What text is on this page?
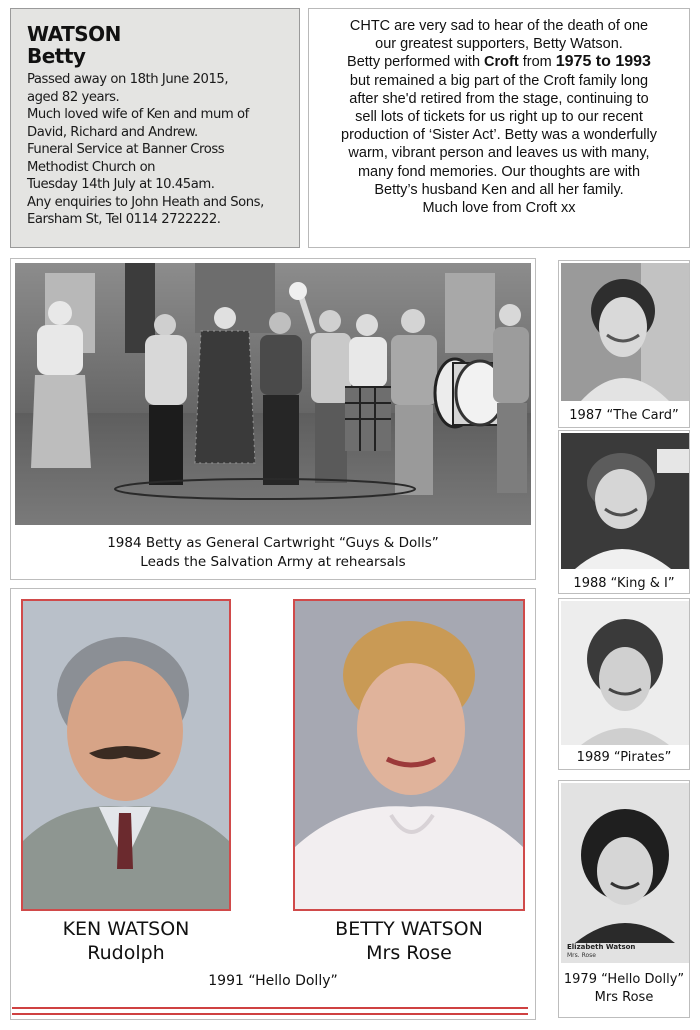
WATSON
Betty
Passed away on 18th June 2015,
aged 82 years.
Much loved wife of Ken and mum of
David, Richard and Andrew.
Funeral Service at Banner Cross
Methodist Church on
Tuesday 14th July at 10.45am.
Any enquiries to John Heath and Sons,
Earsham St, Tel 0114 2722222.
CHTC are very sad to hear of the death of one
our greatest supporters, Betty Watson.
Betty performed with Croft from 1975 to 1993
but remained a big part of the Croft family long
after she'd retired from the stage, continuing to
sell lots of tickets for us right up to our recent
production of ‘Sister Act’. Betty was a wonderfully
warm, vibrant person and leaves us with many,
many fond memories. Our thoughts are with
Betty’s husband Ken and all her family.
Much love from Croft xx
1984 Betty as General Cartwright “Guys & Dolls”
Leads the Salvation Army at rehearsals
1987 “The Card”
1988 “King & I”
1989 “Pirates”
Elizabeth Watson
Mrs. Rose
1979 “Hello Dolly”
Mrs Rose
KEN WATSON
Rudolph
BETTY WATSON
Mrs Rose
1991 “Hello Dolly”
